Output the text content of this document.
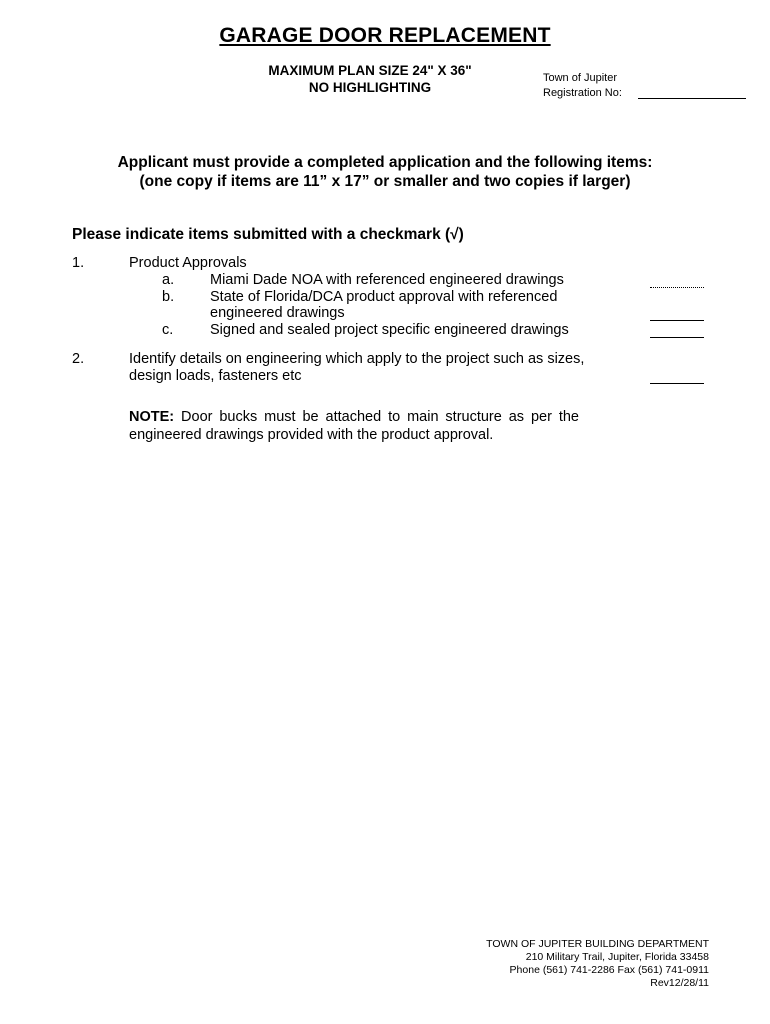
GARAGE DOOR REPLACEMENT
MAXIMUM PLAN SIZE 24" X 36"
NO HIGHLIGHTING
Town of Jupiter
Registration No:
Applicant must provide a completed application and the following items:
(one copy if items are 11” x 17” or smaller and two copies if larger)
Please indicate items submitted with a checkmark (√)
1.	Product Approvals
a. Miami Dade NOA with referenced engineered drawings
b. State of Florida/DCA product approval with referenced
engineered drawings
c.	Signed and sealed project specific engineered drawings
2.	Identify details on engineering which apply to the project such as sizes,
design loads, fasteners etc
NOTE: Door bucks must be attached to main structure as per the engineered drawings provided with the product approval.
TOWN OF JUPITER BUILDING DEPARTMENT
210 Military Trail, Jupiter, Florida 33458
Phone (561) 741-2286 Fax (561) 741-0911
Rev12/28/11
